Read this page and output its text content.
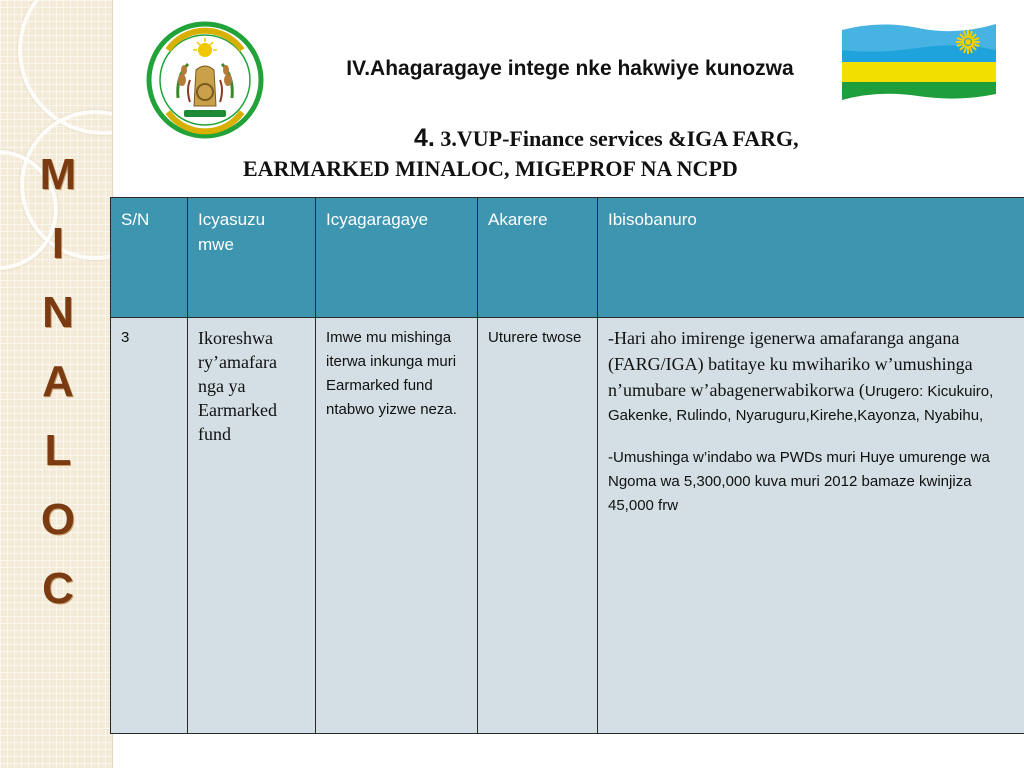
M
I
N
A
L
O
C
IV.Ahagaragaye intege nke hakwiye kunozwa
4. 3.VUP-Finance services &IGA FARG,
EARMARKED MINALOC, MIGEPROF NA NCPD
S/N	Icyasuzu mwe	Icyagaragaye	Akarere	Ibisobanuro
3	Ikoreshwa ry’amafara nga ya Earmarked fund	Imwe mu mishinga iterwa inkunga muri Earmarked fund ntabwo yizwe neza.	Uturere twose	-Hari aho imirenge igenerwa amafaranga angana (FARG/IGA) batitaye ku mwihariko w’umushinga n’umubare w’abagenerwabikorwa (Urugero: Kicukuiro, Gakenke, Rulindo, Nyaruguru,Kirehe,Kayonza, Nyabihu,
-Umushinga w’indabo wa PWDs muri Huye umurenge wa Ngoma wa 5,300,000 kuva muri 2012 bamaze kwinjiza 45,000 frw
